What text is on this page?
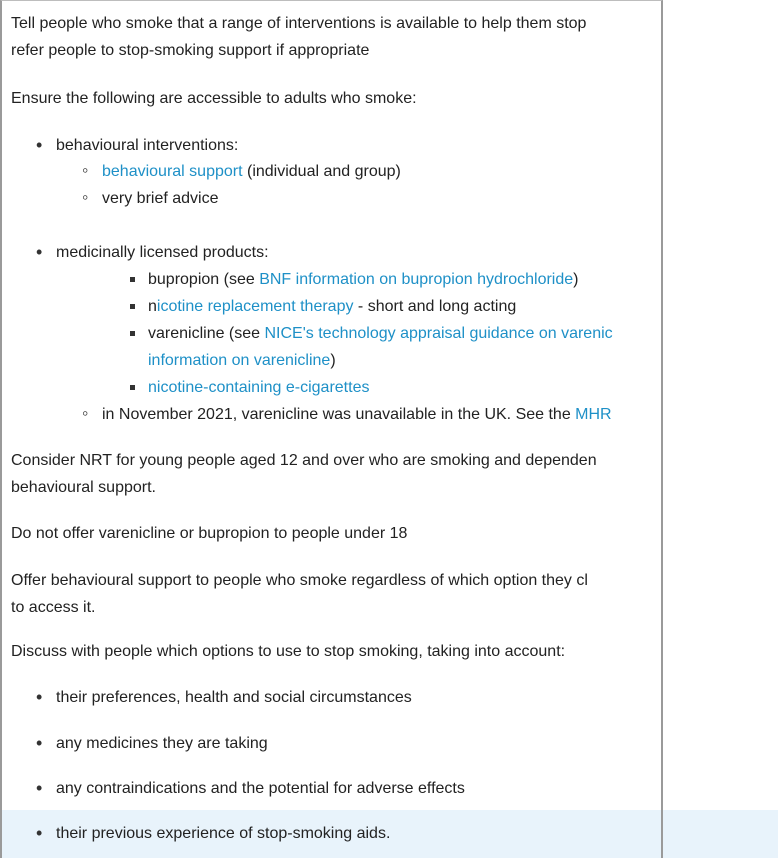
Tell people who smoke that a range of interventions is available to help them stop
refer people to stop-smoking support if appropriate
Ensure the following are accessible to adults who smoke:
• behavioural interventions:
◦ behavioural support (individual and group)
◦ very brief advice
• medicinally licensed products:
bupropion (see BNF information on bupropion hydrochloride)
nicotine replacement therapy - short and long acting
varenicline (see NICE's technology appraisal guidance on varenic
information on varenicline)
nicotine-containing e-cigarettes
◦ in November 2021, varenicline was unavailable in the UK. See the MHR
Consider NRT for young people aged 12 and over who are smoking and dependen
behavioural support.
Do not offer varenicline or bupropion to people under 18
Offer behavioural support to people who smoke regardless of which option they cl
to access it.
Discuss with people which options to use to stop smoking, taking into account:
• their preferences, health and social circumstances
• any medicines they are taking
• any contraindications and the potential for adverse effects
• their previous experience of stop-smoking aids.
